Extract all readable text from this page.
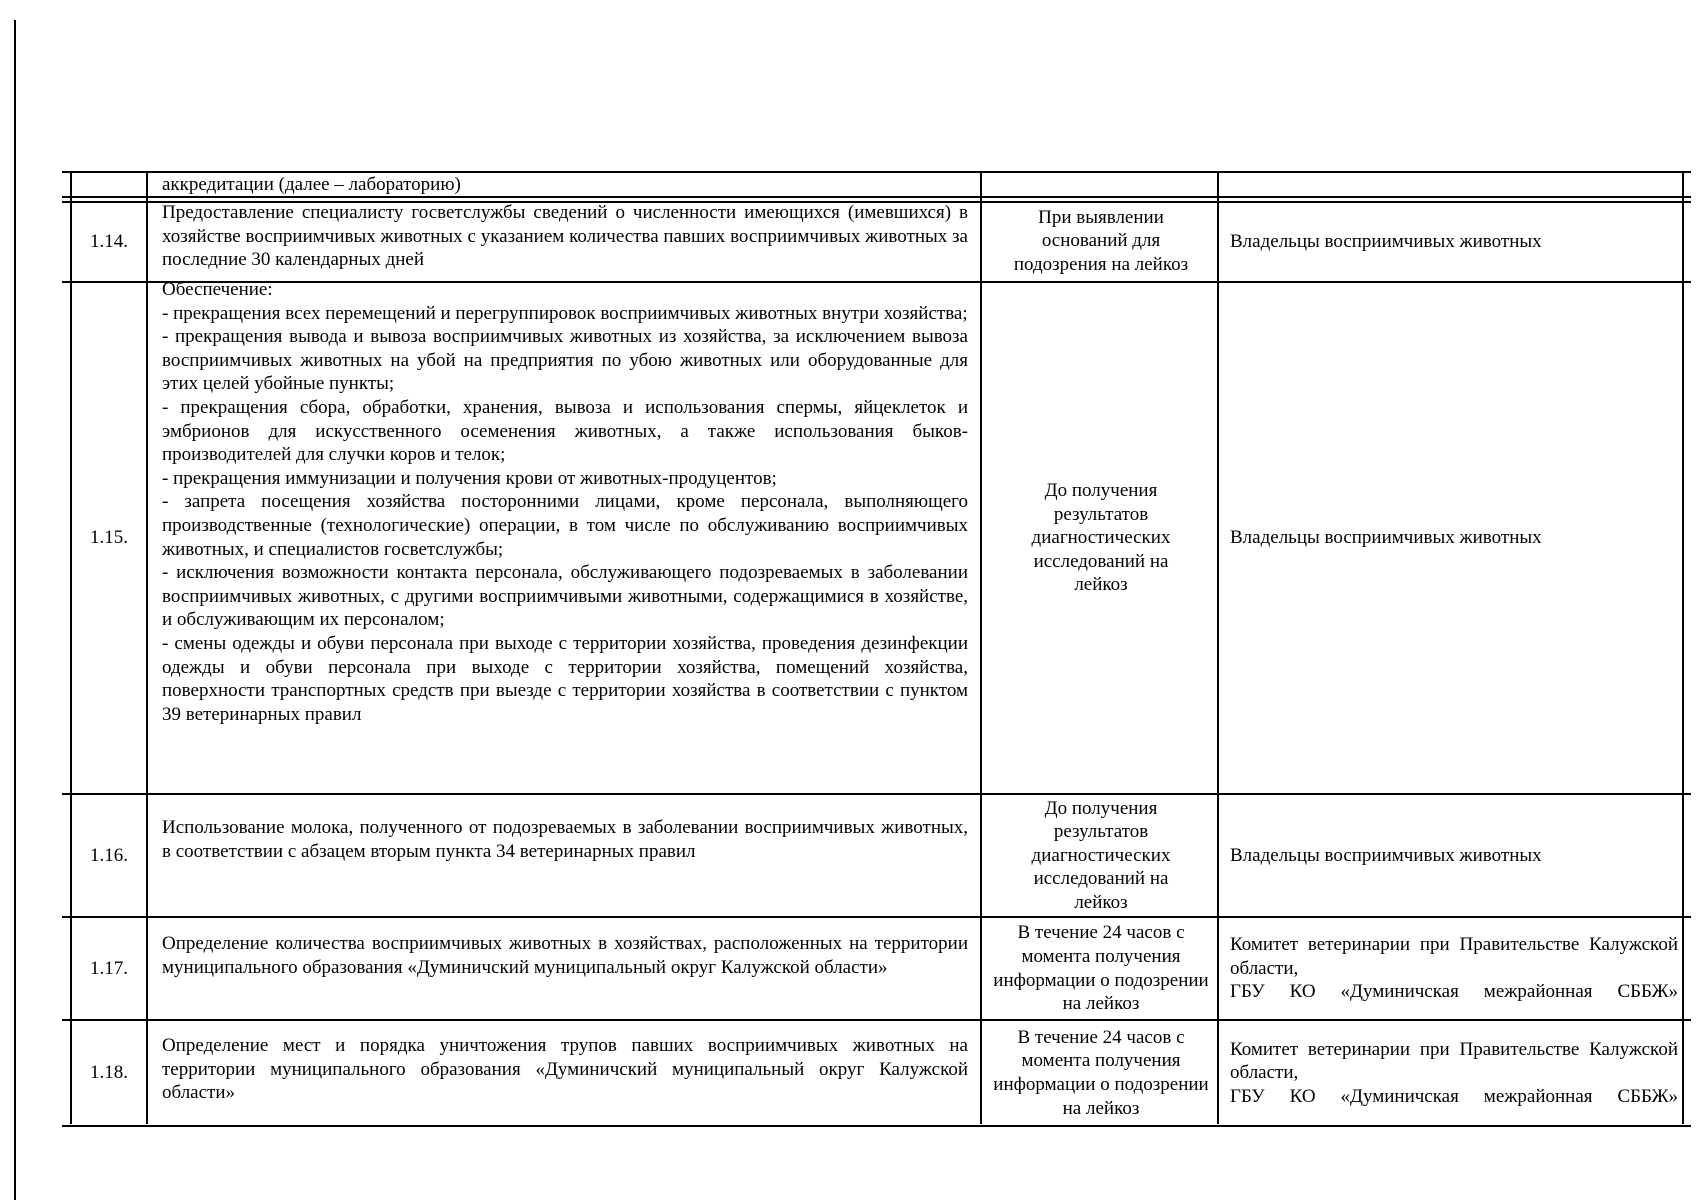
аккредитации (далее – лабораторию)

1.14.

Предоставление специалисту госветслужбы сведений о численности имеющихся (имевшихся) в хозяйстве восприимчивых животных с указанием количества павших восприимчивых животных за последние 30 календарных дней

При выявлении оснований для подозрения на лейкоз
Владельцы восприимчивых животных
1.15.

Обеспечение:

- прекращения всех перемещений и перегруппировок восприимчивых животных внутри хозяйства;

- прекращения вывода и вывоза восприимчивых животных из хозяйства, за исключением вывоза восприимчивых животных на убой на предприятия по убою животных или оборудованные для этих целей убойные пункты;

- прекращения сбора, обработки, хранения, вывоза и использования спермы, яйцеклеток и эмбрионов для искусственного осеменения животных, а также использования быков-производителей для случки коров и телок;

- прекращения иммунизации и получения крови от животных-продуцентов;

- запрета посещения хозяйства посторонними лицами, кроме персонала, выполняющего производственные (технологические) операции, в том числе по обслуживанию восприимчивых животных, и специалистов госветслужбы;

- исключения возможности контакта персонала, обслуживающего подозреваемых в заболевании восприимчивых животных, с другими восприимчивыми животными, содержащимися в хозяйстве, и обслуживающим их персоналом;

- смены одежды и обуви персонала при выходе с территории хозяйства, проведения дезинфекции одежды и обуви персонала при выходе с территории хозяйства, помещений хозяйства, поверхности транспортных средств при выезде с территории хозяйства в соответствии с пунктом 39 ветеринарных правил

До получения результатов диагностических исследований на лейкоз
Владельцы восприимчивых животных
1.16.

Использование молока, полученного от подозреваемых в заболевании восприимчивых животных, в соответствии с абзацем вторым пункта 34 ветеринарных правил

До получения результатов диагностических исследований на лейкоз
Владельцы восприимчивых животных
1.17.

Определение количества восприимчивых животных в хозяйствах, расположенных на территории муниципального образования «Думиничский муниципальный округ Калужской области»

В течение 24 часов с момента получения информации о подозрении на лейкоз

Комитет ветеринарии при Правительстве Калужской области,

ГБУ КО «Думиничская межрайонная СББЖ»

1.18.

Определение мест и порядка уничтожения трупов павших восприимчивых животных на территории муниципального образования «Думиничский муниципальный округ Калужской области»

В течение 24 часов с момента получения информации о подозрении на лейкоз

Комитет ветеринарии при Правительстве Калужской области,

ГБУ КО «Думиничская межрайонная СББЖ»
